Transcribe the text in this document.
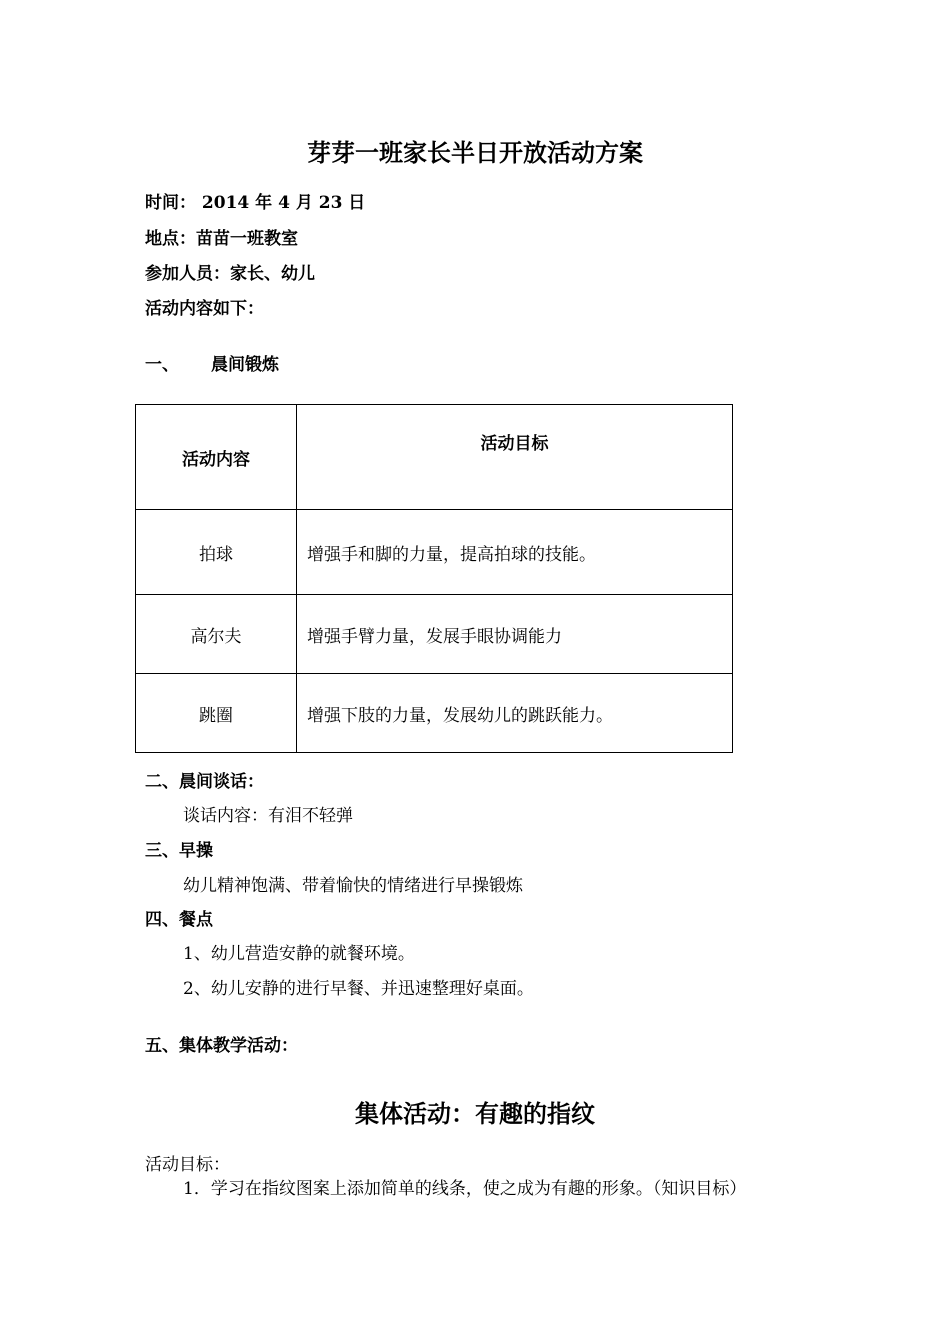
芽芽一班家长半日开放活动方案
时间： 2014 年 4 月 23 日
地点：苗苗一班教室
参加人员：家长、幼儿
活动内容如下：
一、 晨间锻炼
活动内容	活动目标
拍球	增强手和脚的力量，提高拍球的技能。
高尔夫	增强手臂力量，发展手眼协调能力
跳圈	增强下肢的力量，发展幼儿的跳跃能力。
二、晨间谈话：
谈话内容：有泪不轻弹
三、早操
幼儿精神饱满、带着愉快的情绪进行早操锻炼
四、餐点
1、幼儿营造安静的就餐环境。
2、幼儿安静的进行早餐、并迅速整理好桌面。
五、集体教学活动：
集体活动：有趣的指纹
活动目标：
1．学习在指纹图案上添加简单的线条，使之成为有趣的形象。（知识目标）
